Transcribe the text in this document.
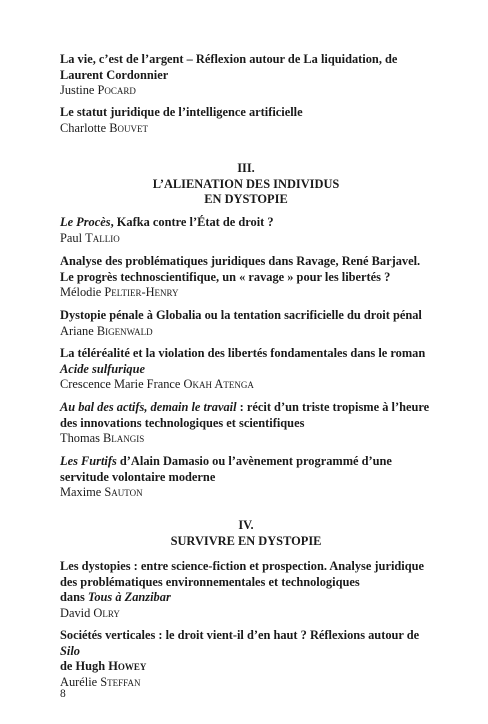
La vie, c’est de l’argent – Réflexion autour de La liquidation, de Laurent Cordonnier
Justine Pocard
Le statut juridique de l’intelligence artificielle
Charlotte Bouvet
III.
L’ALIENATION DES INDIVIDUS
EN DYSTOPIE
Le Procès, Kafka contre l’État de droit ?
Paul Tallio
Analyse des problématiques juridiques dans Ravage, René Barjavel.
Le progrès technoscientifique, un « ravage » pour les libertés ?
Mélodie Peltier-Henry
Dystopie pénale à Globalia ou la tentation sacrificielle du droit pénal
Ariane Bigenwald
La téléréalité et la violation des libertés fondamentales dans le roman
Acide sulfurique
Crescence Marie France Okah Atenga
Au bal des actifs, demain le travail : récit d’un triste tropisme à l’heure des innovations technologiques et scientifiques
Thomas Blangis
Les Furtifs d’Alain Damasio ou l’avènement programmé d’une servitude volontaire moderne
Maxime Sauton
IV.
SURVIVRE EN DYSTOPIE
Les dystopies : entre science-fiction et prospection. Analyse juridique des problématiques environnementales et technologiques
dans Tous à Zanzibar
David Olry
Sociétés verticales : le droit vient-il d’en haut ? Réflexions autour de Silo
de Hugh Howey
Aurélie Steffan
8
